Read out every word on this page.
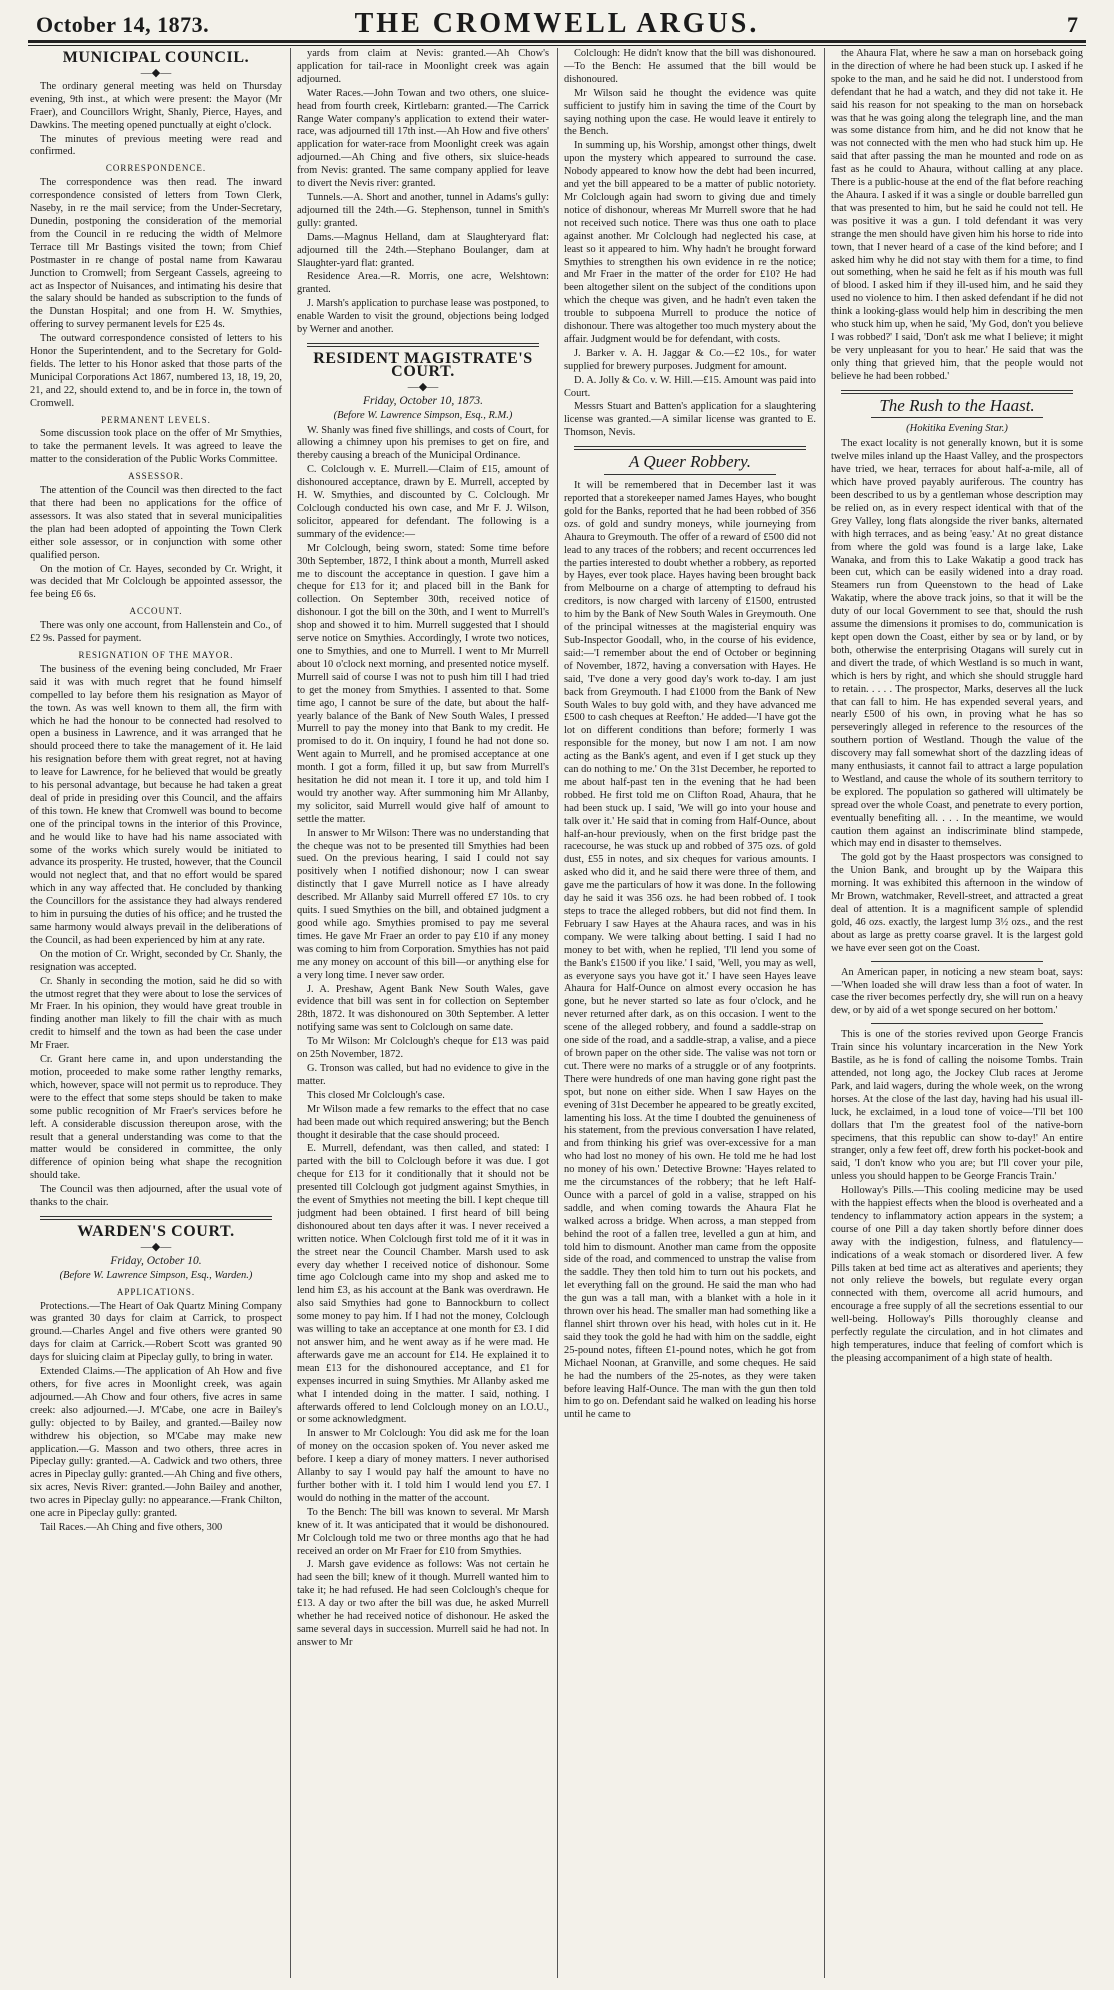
October 14, 1873.	THE CROMWELL ARGUS.	7
MUNICIPAL COUNCIL.
—◆—

The ordinary general meeting was held on Thursday evening, 9th inst., at which were present: the Mayor (Mr Fraer), and Councillors Wright, Shanly, Pierce, Hayes, and Dawkins. The meeting opened punctually at eight o'clock.

The minutes of previous meeting were read and confirmed.

CORRESPONDENCE.

The correspondence was then read. The inward correspondence consisted of letters from Town Clerk, Naseby, in re the mail service; from the Under-Secretary, Dunedin, postponing the consideration of the memorial from the Council in re reducing the width of Melmore Terrace till Mr Bastings visited the town; from Chief Postmaster in re change of postal name from Kawarau Junction to Cromwell; from Sergeant Cassels, agreeing to act as Inspector of Nuisances, and intimating his desire that the salary should be handed as subscription to the funds of the Dunstan Hospital; and one from H. W. Smythies, offering to survey permanent levels for £25 4s.

The outward correspondence consisted of letters to his Honor the Superintendent, and to the Secretary for Gold-fields. The letter to his Honor asked that those parts of the Municipal Corporations Act 1867, numbered 13, 18, 19, 20, 21, and 22, should extend to, and be in force in, the town of Cromwell.

PERMANENT LEVELS.

Some discussion took place on the offer of Mr Smythies, to take the permanent levels. It was agreed to leave the matter to the consideration of the Public Works Committee.

ASSESSOR.

The attention of the Council was then directed to the fact that there had been no applications for the office of assessors. It was also stated that in several municipalities the plan had been adopted of appointing the Town Clerk either sole assessor, or in conjunction with some other qualified person.

On the motion of Cr. Hayes, seconded by Cr. Wright, it was decided that Mr Colclough be appointed assessor, the fee being £6 6s.

ACCOUNT.

There was only one account, from Hallenstein and Co., of £2 9s. Passed for payment.

RESIGNATION OF THE MAYOR.

The business of the evening being concluded, Mr Fraer said it was with much regret that he found himself compelled to lay before them his resignation as Mayor of the town. As was well known to them all, the firm with which he had the honour to be connected had resolved to open a business in Lawrence, and it was arranged that he should proceed there to take the management of it. He laid his resignation before them with great regret, not at having to leave for Lawrence, for he believed that would be greatly to his personal advantage, but because he had taken a great deal of pride in presiding over this Council, and the affairs of this town. He knew that Cromwell was bound to become one of the principal towns in the interior of this Province, and he would like to have had his name associated with some of the works which surely would be initiated to advance its prosperity. He trusted, however, that the Council would not neglect that, and that no effort would be spared which in any way affected that. He concluded by thanking the Councillors for the assistance they had always rendered to him in pursuing the duties of his office; and he trusted the same harmony would always prevail in the deliberations of the Council, as had been experienced by him at any rate.

On the motion of Cr. Wright, seconded by Cr. Shanly, the resignation was accepted.

Cr. Shanly in seconding the motion, said he did so with the utmost regret that they were about to lose the services of Mr Fraer. In his opinion, they would have great trouble in finding another man likely to fill the chair with as much credit to himself and the town as had been the case under Mr Fraer.

Cr. Grant here came in, and upon understanding the motion, proceeded to make some rather lengthy remarks, which, however, space will not permit us to reproduce. They were to the effect that some steps should be taken to make some public recognition of Mr Fraer's services before he left. A considerable discussion thereupon arose, with the result that a general understanding was come to that the matter would be considered in committee, the only difference of opinion being what shape the recognition should take.

The Council was then adjourned, after the usual vote of thanks to the chair.

WARDEN'S COURT.
—◆—
Friday, October 10.
(Before W. Lawrence Simpson, Esq., Warden.)
APPLICATIONS.

Protections.—The Heart of Oak Quartz Mining Company was granted 30 days for claim at Carrick, to prospect ground.—Charles Angel and five others were granted 90 days for claim at Carrick.—Robert Scott was granted 90 days for sluicing claim at Pipeclay gully, to bring in water.

Extended Claims.—The application of Ah How and five others, for five acres in Moonlight creek, was again adjourned.—Ah Chow and four others, five acres in same creek: also adjourned.—J. M'Cabe, one acre in Bailey's gully: objected to by Bailey, and granted.—Bailey now withdrew his objection, so M'Cabe may make new application.—G. Masson and two others, three acres in Pipeclay gully: granted.—A. Cadwick and two others, three acres in Pipeclay gully: granted.—Ah Ching and five others, six acres, Nevis River: granted.—John Bailey and another, two acres in Pipeclay gully: no appearance.—Frank Chilton, one acre in Pipeclay gully: granted.

Tail Races.—Ah Ching and five others, 300

yards from claim at Nevis: granted.—Ah Chow's application for tail-race in Moonlight creek was again adjourned.

Water Races.—John Towan and two others, one sluice-head from fourth creek, Kirtlebarn: granted.—The Carrick Range Water company's application to extend their water-race, was adjourned till 17th inst.—Ah How and five others' application for water-race from Moonlight creek was again adjourned.—Ah Ching and five others, six sluice-heads from Nevis: granted. The same company applied for leave to divert the Nevis river: granted.

Tunnels.—A. Short and another, tunnel in Adams's gully: adjourned till the 24th.—G. Stephenson, tunnel in Smith's gully: granted.

Dams.—Magnus Helland, dam at Slaughteryard flat: adjourned till the 24th.—Stephano Boulanger, dam at Slaughter-yard flat: granted.

Residence Area.—R. Morris, one acre, Welshtown: granted.

J. Marsh's application to purchase lease was postponed, to enable Warden to visit the ground, objections being lodged by Werner and another.

RESIDENT MAGISTRATE'S COURT.
—◆—
Friday, October 10, 1873.
(Before W. Lawrence Simpson, Esq., R.M.)

W. Shanly was fined five shillings, and costs of Court, for allowing a chimney upon his premises to get on fire, and thereby causing a breach of the Municipal Ordinance.

C. Colclough v. E. Murrell.—Claim of £15, amount of dishonoured acceptance, drawn by E. Murrell, accepted by H. W. Smythies, and discounted by C. Colclough. Mr Colclough conducted his own case, and Mr F. J. Wilson, solicitor, appeared for defendant. The following is a summary of the evidence:—

Mr Colclough, being sworn, stated: Some time before 30th September, 1872, I think about a month, Murrell asked me to discount the acceptance in question. I gave him a cheque for £13 for it; and placed bill in the Bank for collection. On September 30th, received notice of dishonour. I got the bill on the 30th, and I went to Murrell's shop and showed it to him. Murrell suggested that I should serve notice on Smythies. Accordingly, I wrote two notices, one to Smythies, and one to Murrell. I went to Mr Murrell about 10 o'clock next morning, and presented notice myself. Murrell said of course I was not to push him till I had tried to get the money from Smythies. I assented to that. Some time ago, I cannot be sure of the date, but about the half-yearly balance of the Bank of New South Wales, I pressed Murrell to pay the money into that Bank to my credit. He promised to do it. On inquiry, I found he had not done so. Went again to Murrell, and he promised acceptance at one month. I got a form, filled it up, but saw from Murrell's hesitation he did not mean it. I tore it up, and told him I would try another way. After summoning him Mr Allanby, my solicitor, said Murrell would give half of amount to settle the matter.

In answer to Mr Wilson: There was no understanding that the cheque was not to be presented till Smythies had been sued. On the previous hearing, I said I could not say positively when I notified dishonour; now I can swear distinctly that I gave Murrell notice as I have already described. Mr Allanby said Murrell offered £7 10s. to cry quits. I sued Smythies on the bill, and obtained judgment a good while ago. Smythies promised to pay me several times. He gave Mr Fraer an order to pay £10 if any money was coming to him from Corporation. Smythies has not paid me any money on account of this bill—or anything else for a very long time. I never saw order.

J. A. Preshaw, Agent Bank New South Wales, gave evidence that bill was sent in for collection on September 28th, 1872. It was dishonoured on 30th September. A letter notifying same was sent to Colclough on same date.

To Mr Wilson: Mr Colclough's cheque for £13 was paid on 25th November, 1872.

G. Tronson was called, but had no evidence to give in the matter.

This closed Mr Colclough's case.

Mr Wilson made a few remarks to the effect that no case had been made out which required answering; but the Bench thought it desirable that the case should proceed.

E. Murrell, defendant, was then called, and stated: I parted with the bill to Colclough before it was due. I got cheque for £13 for it conditionally that it should not be presented till Colclough got judgment against Smythies, in the event of Smythies not meeting the bill. I kept cheque till judgment had been obtained. I first heard of bill being dishonoured about ten days after it was. I never received a written notice. When Colclough first told me of it it was in the street near the Council Chamber. Marsh used to ask every day whether I received notice of dishonour. Some time ago Colclough came into my shop and asked me to lend him £3, as his account at the Bank was overdrawn. He also said Smythies had gone to Bannockburn to collect some money to pay him. If I had not the money, Colclough was willing to take an acceptance at one month for £3. I did not answer him, and he went away as if he were mad. He afterwards gave me an account for £14. He explained it to mean £13 for the dishonoured acceptance, and £1 for expenses incurred in suing Smythies. Mr Allanby asked me what I intended doing in the matter. I said, nothing. I afterwards offered to lend Colclough money on an I.O.U., or some acknowledgment.

In answer to Mr Colclough: You did ask me for the loan of money on the occasion spoken of. You never asked me before. I keep a diary of money matters. I never authorised Allanby to say I would pay half the amount to have no further bother with it. I told him I would lend you £7. I would do nothing in the matter of the account.

To the Bench: The bill was known to several. Mr Marsh knew of it. It was anticipated that it would be dishonoured. Mr Colclough told me two or three months ago that he had received an order on Mr Fraer for £10 from Smythies.

J. Marsh gave evidence as follows: Was not certain he had seen the bill; knew of it though. Murrell wanted him to take it; he had refused. He had seen Colclough's cheque for £13. A day or two after the bill was due, he asked Murrell whether he had received notice of dishonour. He asked the same several days in succession. Murrell said he had not. In answer to Mr

Colclough: He didn't know that the bill was dishonoured.—To the Bench: He assumed that the bill would be dishonoured.

Mr Wilson said he thought the evidence was quite sufficient to justify him in saving the time of the Court by saying nothing upon the case. He would leave it entirely to the Bench.

In summing up, his Worship, amongst other things, dwelt upon the mystery which appeared to surround the case. Nobody appeared to know how the debt had been incurred, and yet the bill appeared to be a matter of public notoriety. Mr Colclough again had sworn to giving due and timely notice of dishonour, whereas Mr Murrell swore that he had not received such notice. There was thus one oath to place against another. Mr Colclough had neglected his case, at least so it appeared to him. Why hadn't he brought forward Smythies to strengthen his own evidence in re the notice; and Mr Fraer in the matter of the order for £10? He had been altogether silent on the subject of the conditions upon which the cheque was given, and he hadn't even taken the trouble to subpoena Murrell to produce the notice of dishonour. There was altogether too much mystery about the affair. Judgment would be for defendant, with costs.

J. Barker v. A. H. Jaggar & Co.—£2 10s., for water supplied for brewery purposes. Judgment for amount.

D. A. Jolly & Co. v. W. Hill.—£15. Amount was paid into Court.

Messrs Stuart and Batten's application for a slaughtering license was granted.—A similar license was granted to E. Thomson, Nevis.

A Queer Robbery.

It will be remembered that in December last it was reported that a storekeeper named James Hayes, who bought gold for the Banks, reported that he had been robbed of 356 ozs. of gold and sundry moneys, while journeying from Ahaura to Greymouth. The offer of a reward of £500 did not lead to any traces of the robbers; and recent occurrences led the parties interested to doubt whether a robbery, as reported by Hayes, ever took place. Hayes having been brought back from Melbourne on a charge of attempting to defraud his creditors, is now charged with larceny of £1500, entrusted to him by the Bank of New South Wales in Greymouth. One of the principal witnesses at the magisterial enquiry was Sub-Inspector Goodall, who, in the course of his evidence, said:—'I remember about the end of October or beginning of November, 1872, having a conversation with Hayes. He said, 'I've done a very good day's work to-day. I am just back from Greymouth. I had £1000 from the Bank of New South Wales to buy gold with, and they have advanced me £500 to cash cheques at Reefton.' He added—'I have got the lot on different conditions than before; formerly I was responsible for the money, but now I am not. I am now acting as the Bank's agent, and even if I get stuck up they can do nothing to me.' On the 31st December, he reported to me about half-past ten in the evening that he had been robbed. He first told me on Clifton Road, Ahaura, that he had been stuck up. I said, 'We will go into your house and talk over it.' He said that in coming from Half-Ounce, about half-an-hour previously, when on the first bridge past the racecourse, he was stuck up and robbed of 375 ozs. of gold dust, £55 in notes, and six cheques for various amounts. I asked who did it, and he said there were three of them, and gave me the particulars of how it was done. In the following day he said it was 356 ozs. he had been robbed of. I took steps to trace the alleged robbers, but did not find them. In February I saw Hayes at the Ahaura races, and was in his company. We were talking about betting. I said I had no money to bet with, when he replied, 'I'll lend you some of the Bank's £1500 if you like.' I said, 'Well, you may as well, as everyone says you have got it.' I have seen Hayes leave Ahaura for Half-Ounce on almost every occasion he has gone, but he never started so late as four o'clock, and he never returned after dark, as on this occasion. I went to the scene of the alleged robbery, and found a saddle-strap on one side of the road, and a saddle-strap, a valise, and a piece of brown paper on the other side. The valise was not torn or cut. There were no marks of a struggle or of any footprints. There were hundreds of one man having gone right past the spot, but none on either side. When I saw Hayes on the evening of 31st December he appeared to be greatly excited, lamenting his loss. At the time I doubted the genuineness of his statement, from the previous conversation I have related, and from thinking his grief was over-excessive for a man who had lost no money of his own. He told me he had lost no money of his own.' Detective Browne: 'Hayes related to me the circumstances of the robbery; that he left Half-Ounce with a parcel of gold in a valise, strapped on his saddle, and when coming towards the Ahaura Flat he walked across a bridge. When across, a man stepped from behind the root of a fallen tree, levelled a gun at him, and told him to dismount. Another man came from the opposite side of the road, and commenced to unstrap the valise from the saddle. They then told him to turn out his pockets, and let everything fall on the ground. He said the man who had the gun was a tall man, with a blanket with a hole in it thrown over his head. The smaller man had something like a flannel shirt thrown over his head, with holes cut in it. He said they took the gold he had with him on the saddle, eight 25-pound notes, fifteen £1-pound notes, which he got from Michael Noonan, at Granville, and some cheques. He said he had the numbers of the 25-notes, as they were taken before leaving Half-Ounce. The man with the gun then told him to go on. Defendant said he walked on leading his horse until he came to

the Ahaura Flat, where he saw a man on horseback going in the direction of where he had been stuck up. I asked if he spoke to the man, and he said he did not. I understood from defendant that he had a watch, and they did not take it. He said his reason for not speaking to the man on horseback was that he was going along the telegraph line, and the man was some distance from him, and he did not know that he was not connected with the men who had stuck him up. He said that after passing the man he mounted and rode on as fast as he could to Ahaura, without calling at any place. There is a public-house at the end of the flat before reaching the Ahaura. I asked if it was a single or double barrelled gun that was presented to him, but he said he could not tell. He was positive it was a gun. I told defendant it was very strange the men should have given him his horse to ride into town, that I never heard of a case of the kind before; and I asked him why he did not stay with them for a time, to find out something, when he said he felt as if his mouth was full of blood. I asked him if they ill-used him, and he said they used no violence to him. I then asked defendant if he did not think a looking-glass would help him in describing the men who stuck him up, when he said, 'My God, don't you believe I was robbed?' I said, 'Don't ask me what I believe; it might be very unpleasant for you to hear.' He said that was the only thing that grieved him, that the people would not believe he had been robbed.'

The Rush to the Haast.
(Hokitika Evening Star.)

The exact locality is not generally known, but it is some twelve miles inland up the Haast Valley, and the prospectors have tried, we hear, terraces for about half-a-mile, all of which have proved payably auriferous. The country has been described to us by a gentleman whose description may be relied on, as in every respect identical with that of the Grey Valley, long flats alongside the river banks, alternated with high terraces, and as being 'easy.' At no great distance from where the gold was found is a large lake, Lake Wanaka, and from this to Lake Wakatip a good track has been cut, which can be easily widened into a dray road. Steamers run from Queenstown to the head of Lake Wakatip, where the above track joins, so that it will be the duty of our local Government to see that, should the rush assume the dimensions it promises to do, communication is kept open down the Coast, either by sea or by land, or by both, otherwise the enterprising Otagans will surely cut in and divert the trade, of which Westland is so much in want, which is hers by right, and which she should struggle hard to retain. . . . . The prospector, Marks, deserves all the luck that can fall to him. He has expended several years, and nearly £500 of his own, in proving what he has so perseveringly alleged in reference to the resources of the southern portion of Westland. Though the value of the discovery may fall somewhat short of the dazzling ideas of many enthusiasts, it cannot fail to attract a large population to Westland, and cause the whole of its southern territory to be explored. The population so gathered will ultimately be spread over the whole Coast, and penetrate to every portion, eventually benefiting all. . . . In the meantime, we would caution them against an indiscriminate blind stampede, which may end in disaster to themselves.

The gold got by the Haast prospectors was consigned to the Union Bank, and brought up by the Waipara this morning. It was exhibited this afternoon in the window of Mr Brown, watchmaker, Revell-street, and attracted a great deal of attention. It is a magnificent sample of splendid gold, 46 ozs. exactly, the largest lump 3½ ozs., and the rest about as large as pretty coarse gravel. It is the largest gold we have ever seen got on the Coast.

An American paper, in noticing a new steam boat, says:—'When loaded she will draw less than a foot of water. In case the river becomes perfectly dry, she will run on a heavy dew, or by aid of a wet sponge secured on her bottom.'

This is one of the stories revived upon George Francis Train since his voluntary incarceration in the New York Bastile, as he is fond of calling the noisome Tombs. Train attended, not long ago, the Jockey Club races at Jerome Park, and laid wagers, during the whole week, on the wrong horses. At the close of the last day, having had his usual ill-luck, he exclaimed, in a loud tone of voice—'I'll bet 100 dollars that I'm the greatest fool of the native-born specimens, that this republic can show to-day!' An entire stranger, only a few feet off, drew forth his pocket-book and said, 'I don't know who you are; but I'll cover your pile, unless you should happen to be George Francis Train.'

Holloway's Pills.—This cooling medicine may be used with the happiest effects when the blood is overheated and a tendency to inflammatory action appears in the system; a course of one Pill a day taken shortly before dinner does away with the indigestion, fulness, and flatulency—indications of a weak stomach or disordered liver. A few Pills taken at bed time act as alteratives and aperients; they not only relieve the bowels, but regulate every organ connected with them, overcome all acrid humours, and encourage a free supply of all the secretions essential to our well-being. Holloway's Pills thoroughly cleanse and perfectly regulate the circulation, and in hot climates and high temperatures, induce that feeling of comfort which is the pleasing accompaniment of a high state of health.
